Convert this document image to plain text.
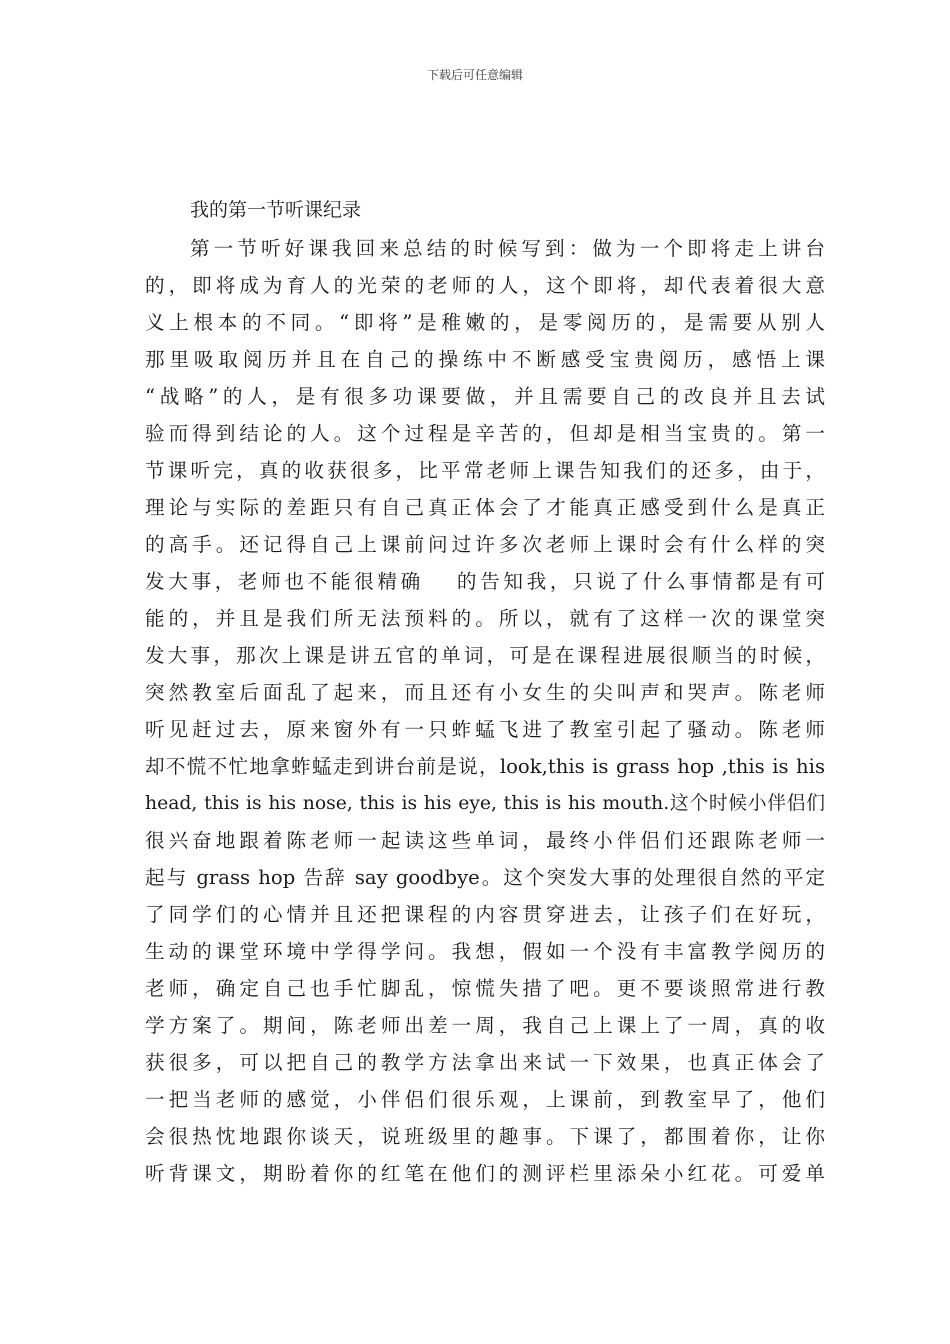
下载后可任意编辑
我的第一节听课纪录
第一节听好课我回来总结的时候写到：做为一个即将走上讲台
的，即将成为育人的光荣的老师的人，这个即将，却代表着很大意
义上根本的不同。“即将”是稚嫩的，是零阅历的，是需要从别人
那里吸取阅历并且在自己的操练中不断感受宝贵阅历，感悟上课
“战略”的人，是有很多功课要做，并且需要自己的改良并且去试
验而得到结论的人。这个过程是辛苦的，但却是相当宝贵的。第一
节课听完，真的收获很多，比平常老师上课告知我们的还多，由于，
理论与实际的差距只有自己真正体会了才能真正感受到什么是真正
的高手。还记得自己上课前问过许多次老师上课时会有什么样的突
发大事，老师也不能很精确　 的告知我，只说了什么事情都是有可
能的，并且是我们所无法预料的。所以，就有了这样一次的课堂突
发大事，那次上课是讲五官的单词，可是在课程进展很顺当的时候，
突然教室后面乱了起来，而且还有小女生的尖叫声和哭声。陈老师
听见赶过去，原来窗外有一只蚱蜢飞进了教室引起了骚动。陈老师
却不慌不忙地拿蚱蜢走到讲台前是说，look,this is grass hop ,this is his
head, this is his nose, this is his eye, this is his mouth.这个时候小伴侣们
很兴奋地跟着陈老师一起读这些单词，最终小伴侣们还跟陈老师一
起与 grass hop 告辞 say goodbye。这个突发大事的处理很自然的平定
了同学们的心情并且还把课程的内容贯穿进去，让孩子们在好玩，
生动的课堂环境中学得学问。我想，假如一个没有丰富教学阅历的
老师，确定自己也手忙脚乱，惊慌失措了吧。更不要谈照常进行教
学方案了。期间，陈老师出差一周，我自己上课上了一周，真的收
获很多，可以把自己的教学方法拿出来试一下效果，也真正体会了
一把当老师的感觉，小伴侣们很乐观，上课前，到教室早了，他们
会很热忱地跟你谈天，说班级里的趣事。下课了，都围着你，让你
听背课文，期盼着你的红笔在他们的测评栏里添朵小红花。可爱单
